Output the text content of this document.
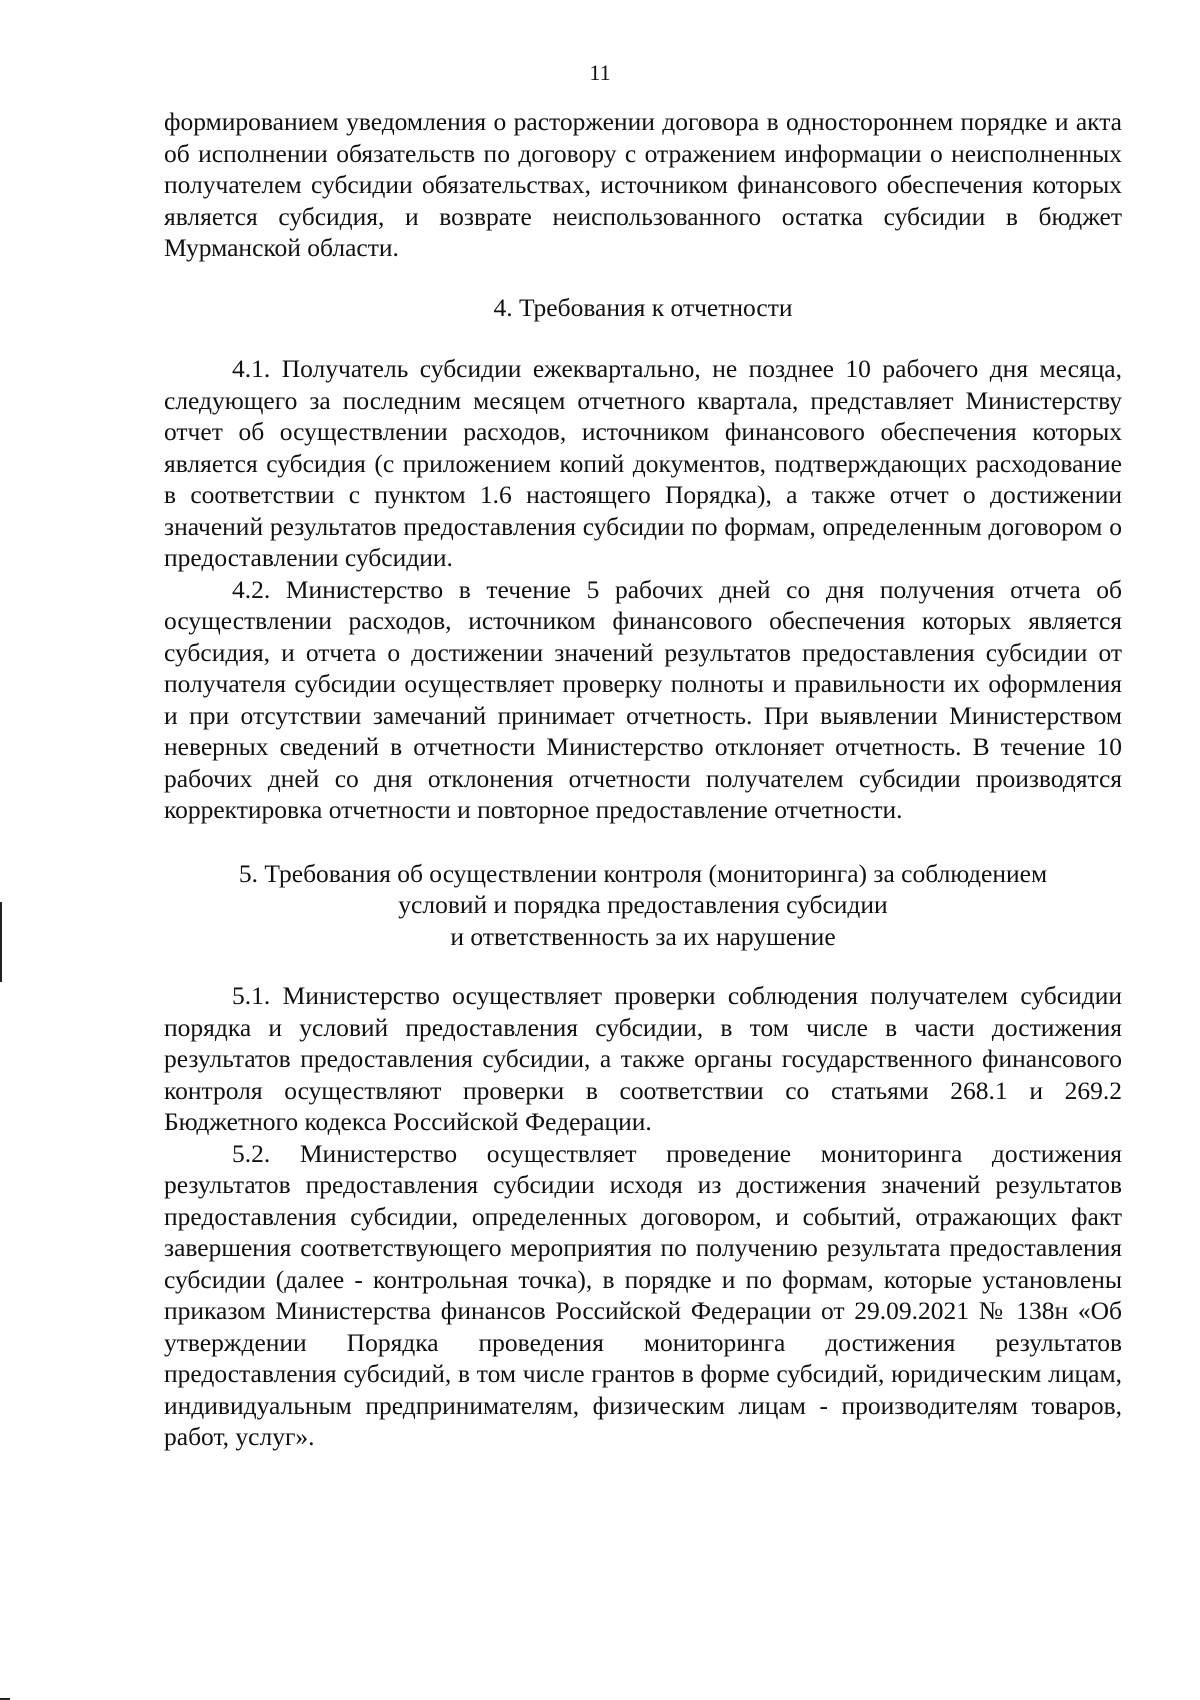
11

формированием уведомления о расторжении договора в одностороннем порядке и акта об исполнении обязательств по договору с отражением информации о неисполненных получателем субсидии обязательствах, источником финансового обеспечения которых является субсидия, и возврате неиспользованного остатка субсидии в бюджет Мурманской области.

4. Требования к отчетности

4.1. Получатель субсидии ежеквартально, не позднее 10 рабочего дня месяца, следующего за последним месяцем отчетного квартала, представляет Министерству отчет об осуществлении расходов, источником финансового обеспечения которых является субсидия (с приложением копий документов, подтверждающих расходование в соответствии с пунктом 1.6 настоящего Порядка), а также отчет о достижении значений результатов предоставления субсидии по формам, определенным договором о предоставлении субсидии.

4.2. Министерство в течение 5 рабочих дней со дня получения отчета об осуществлении расходов, источником финансового обеспечения которых является субсидия, и отчета о достижении значений результатов предоставления субсидии от получателя субсидии осуществляет проверку полноты и правильности их оформления и при отсутствии замечаний принимает отчетность. При выявлении Министерством неверных сведений в отчетности Министерство отклоняет отчетность. В течение 10 рабочих дней со дня отклонения отчетности получателем субсидии производятся корректировка отчетности и повторное предоставление отчетности.

5. Требования об осуществлении контроля (мониторинга) за соблюдением

условий и порядка предоставления субсидии

и ответственность за их нарушение

5.1. Министерство осуществляет проверки соблюдения получателем субсидии порядка и условий предоставления субсидии, в том числе в части достижения результатов предоставления субсидии, а также органы государственного финансового контроля осуществляют проверки в соответствии со статьями 268.1 и 269.2 Бюджетного кодекса Российской Федерации.

5.2. Министерство осуществляет проведение мониторинга достижения результатов предоставления субсидии исходя из достижения значений результатов предоставления субсидии, определенных договором, и событий, отражающих факт завершения соответствующего мероприятия по получению результата предоставления субсидии (далее - контрольная точка), в порядке и по формам, которые установлены приказом Министерства финансов Российской Федерации от 29.09.2021 № 138н «Об утверждении Порядка проведения мониторинга достижения результатов предоставления субсидий, в том числе грантов в форме субсидий, юридическим лицам, индивидуальным предпринимателям, физическим лицам - производителям товаров, работ, услуг».
